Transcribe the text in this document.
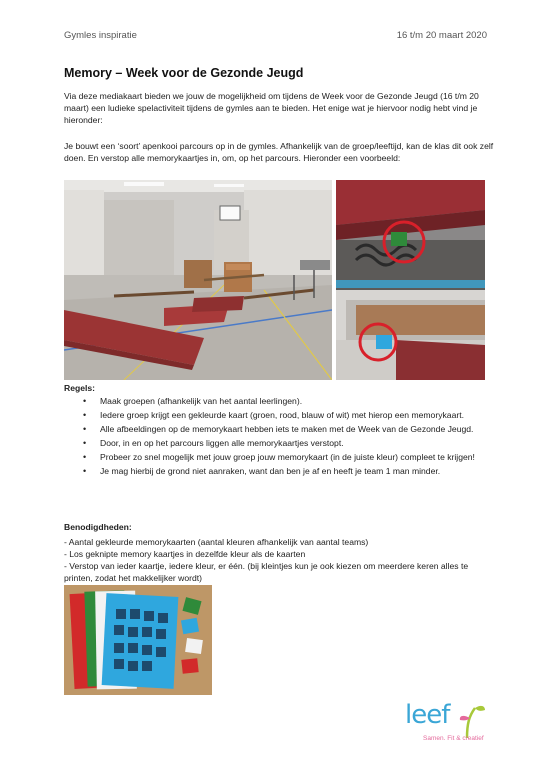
Gymles inspiratie	16 t/m 20 maart 2020
Memory – Week voor de Gezonde Jeugd
Via deze mediakaart bieden we jouw de mogelijkheid om tijdens de Week voor de Gezonde Jeugd (16 t/m 20 maart) een ludieke spelactiviteit tijdens de gymles aan te bieden. Het enige wat je hiervoor nodig hebt vind je hieronder:
Je bouwt een ‘soort’ apenkooi parcours op in de gymles. Afhankelijk van de groep/leeftijd, kan de klas dit ook zelf doen. En verstop alle memorykaartjes in, om, op het parcours. Hieronder een voorbeeld:
Regels:
• Maak groepen (afhankelijk van het aantal leerlingen).
• Iedere groep krijgt een gekleurde kaart (groen, rood, blauw of wit) met hierop een memorykaart.
• Alle afbeeldingen op de memorykaart hebben iets te maken met de Week van de Gezonde Jeugd.
• Door, in en op het parcours liggen alle memorykaartjes verstopt.
• Probeer zo snel mogelijk met jouw groep jouw memorykaart (in de juiste kleur) compleet te krijgen!
• Je mag hierbij de grond niet aanraken, want dan ben je af en heeft je team 1 man minder.
Benodigdheden:
- Aantal gekleurde memorykaarten (aantal kleuren afhankelijk van aantal teams)
- Los geknipte memory kaartjes in dezelfde kleur als de kaarten
- Verstop van ieder kaartje, iedere kleur, er één. (bij kleintjes kun je ook kiezen om meerdere keren alles te printen, zodat het makkelijker wordt)
leef
Samen. Fit & creatief
